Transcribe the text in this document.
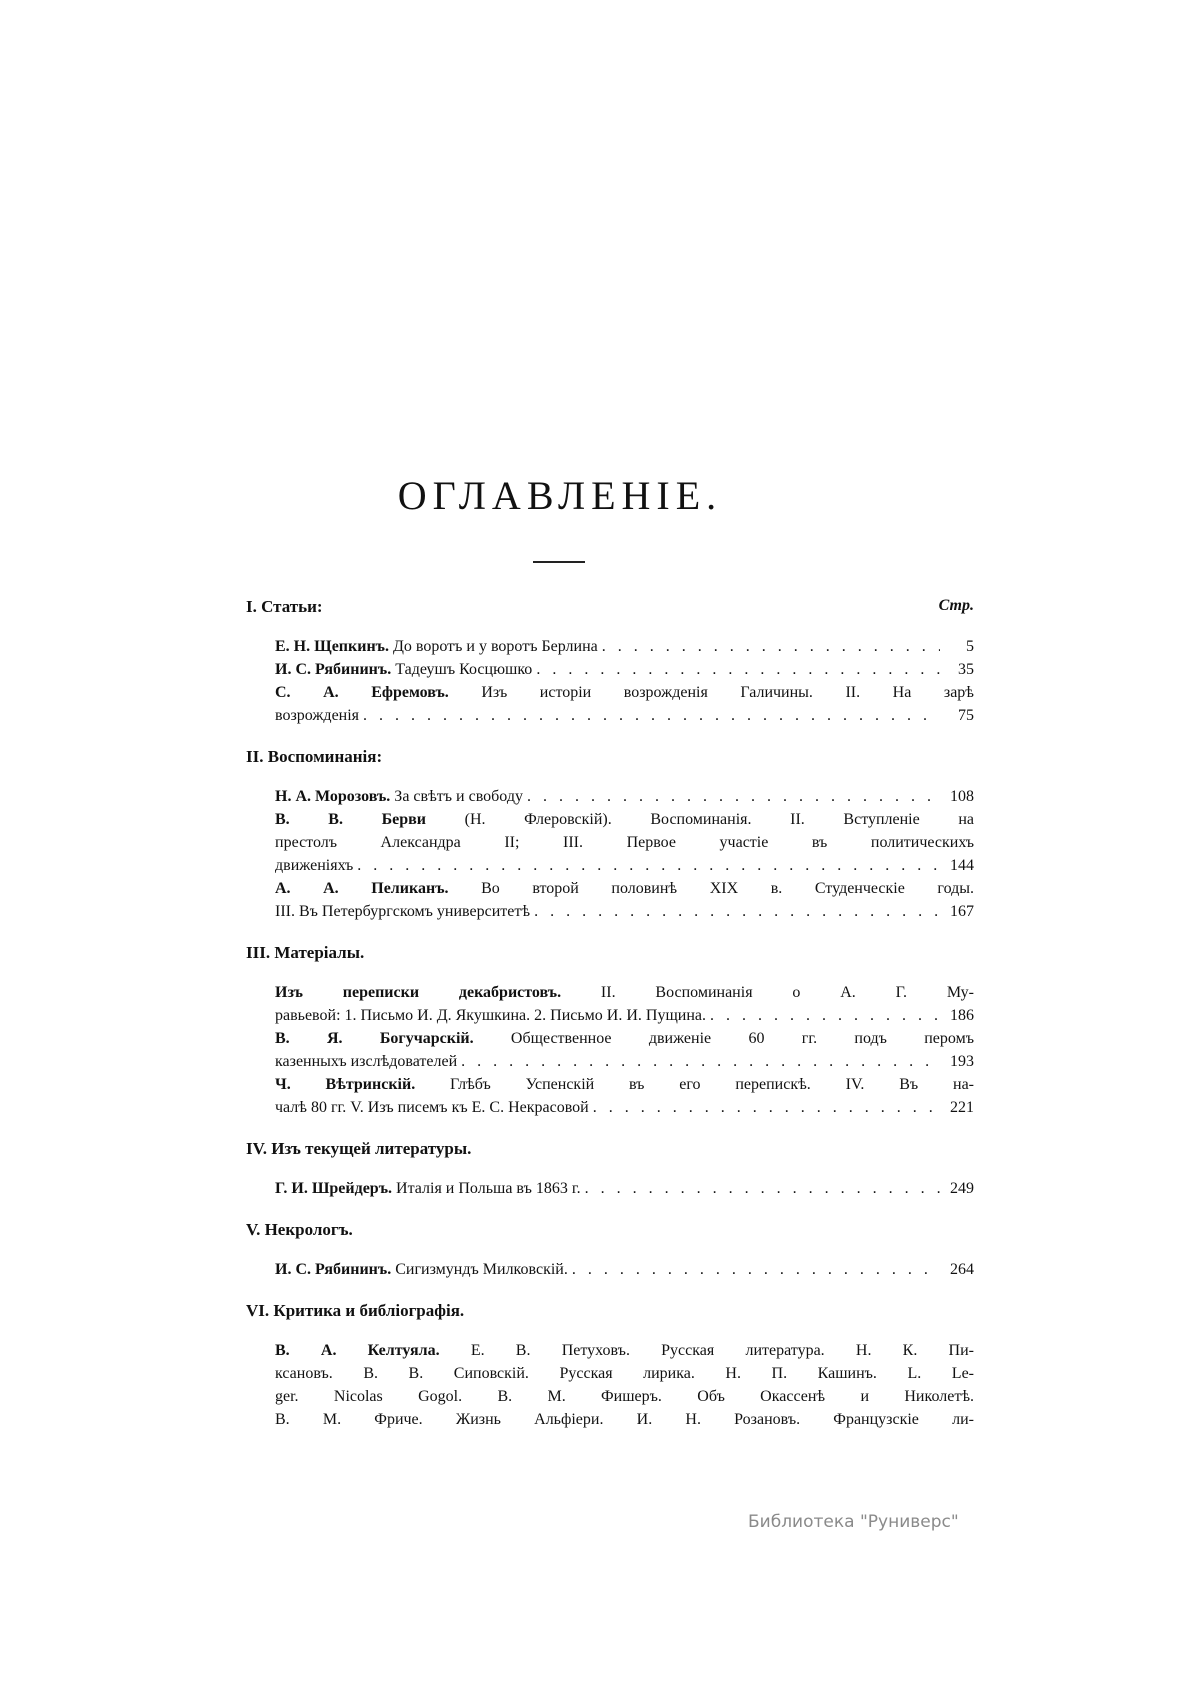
ОГЛАВЛЕНІЕ.
I. Статьи:	Стр.
Е. Н. Щепкинъ. До воротъ и у воротъ Берлина . . .	5
И. С. Рябининъ. Тадеушъ Косцюшко . . .	35
С. А. Ефремовъ. Изъ исторіи возрожденія Галичины. II. На зарѣ
возрожденія . . .	75
II. Воспоминанія:
Н. А. Морозовъ. За свѣтъ и свободу . . .	108
В. В. Берви (Н. Флеровскій). Воспоминанія. II. Вступленіе на
престолъ Александра II; III. Первое участіе въ политическихъ
движеніяхъ . . .	144
А. А. Пеликанъ. Во второй половинѣ XIX в. Студенческіе годы.
III. Въ Петербургскомъ университетѣ . . .	167
III. Матеріалы.
Изъ переписки декабристовъ. II. Воспоминанія о А. Г. Му-
равьевой: 1. Письмо И. Д. Якушкина. 2. Письмо И. И. Пущина. . . .	186
В. Я. Богучарскій. Общественное движеніе 60 гг. подъ перомъ
казенныхъ изслѣдователей . . .	193
Ч. Вѣтринскій. Глѣбъ Успенскій въ его перепискѣ. IV. Въ на-
чалѣ 80 гг. V. Изъ писемъ къ Е. С. Некрасовой . . .	221
IV. Изъ текущей литературы.
Г. И. Шрейдеръ. Италія и Польша въ 1863 г. . . .	249
V. Некрологъ.
И. С. Рябининъ. Сигизмундъ Милковскій. . . .	264
VI. Критика и библіографія.
В. А. Келтуяла. Е. В. Петуховъ. Русская литература. Н. К. Пи-
ксановъ. В. В. Сиповскій. Русская лирика. Н. П. Кашинъ. L. Le-
ger. Nicolas Gogol. В. М. Фишеръ. Объ Окассенѣ и Николетѣ.
В. М. Фриче. Жизнь Альфіери. И. Н. Розановъ. Французскіе ли-
Библиотека "Руниверс"
